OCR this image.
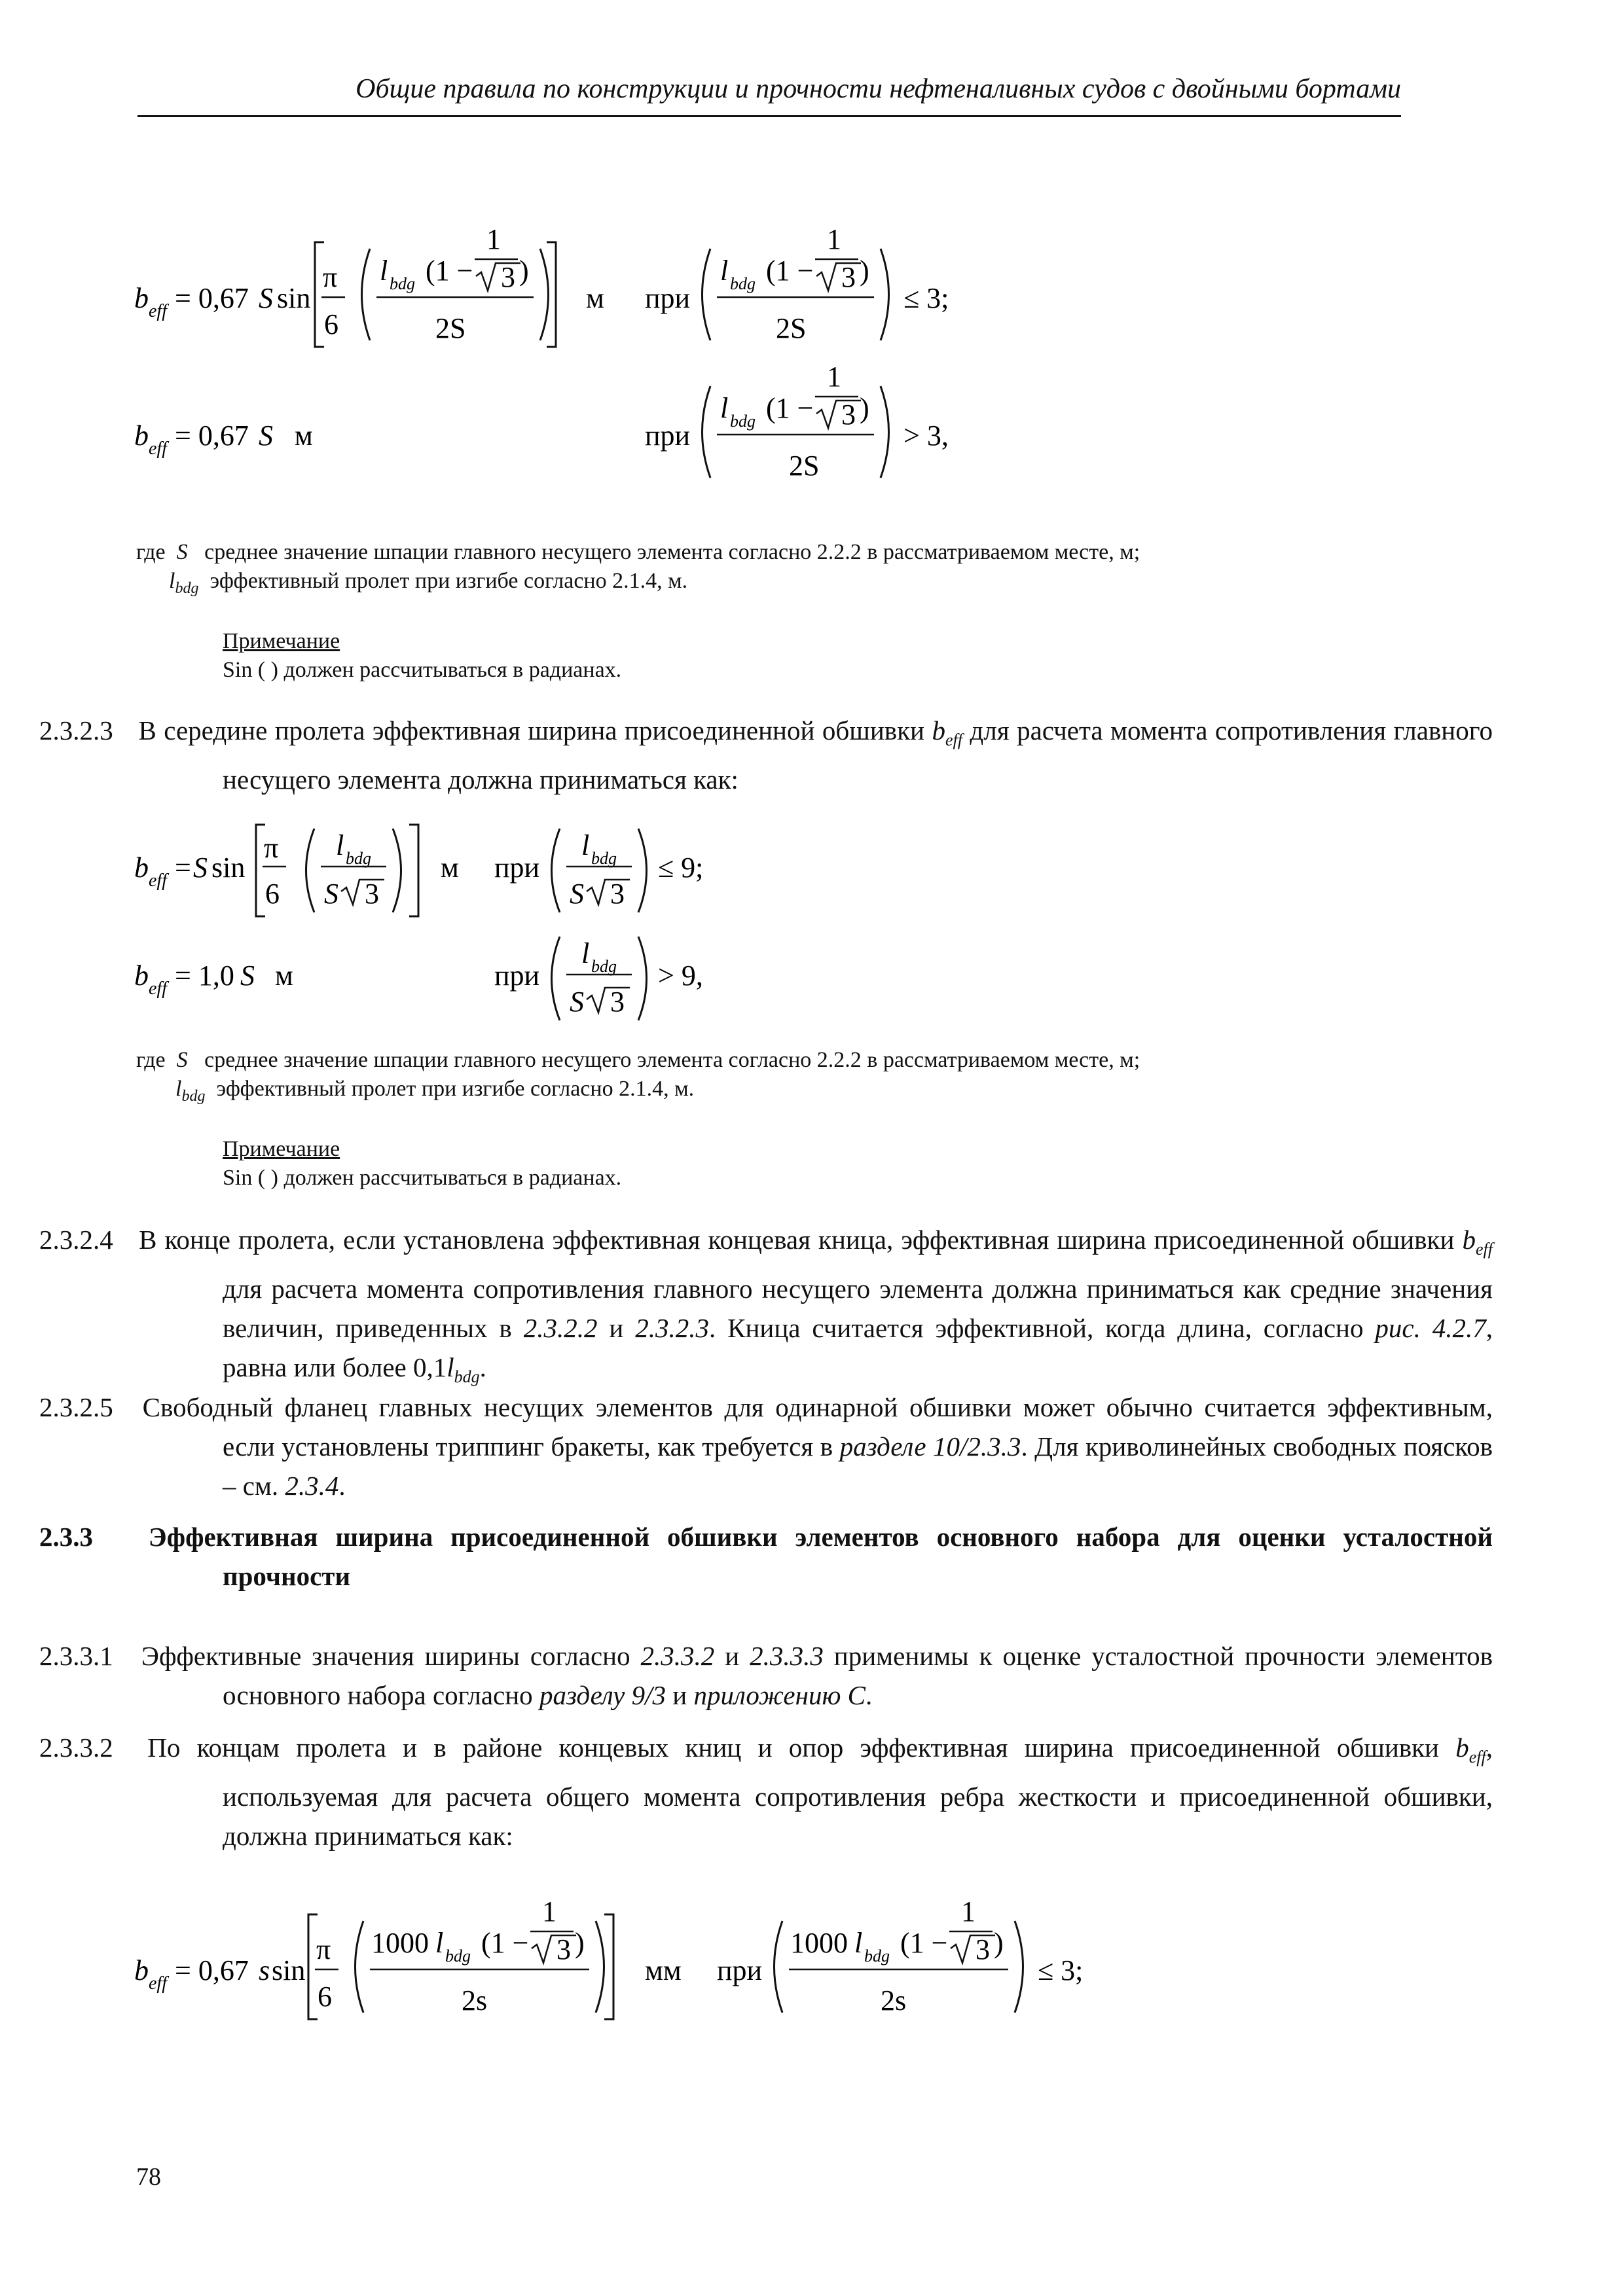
Общие правила по конструкции и прочности нефтеналивных судов с двойными бортами
b eff = 0,67 S sin
π
6
l bdg (1 −
1
3 )
2S
м при
l bdg (1 −
1
3 )
2S
≤ 3;
b eff = 0,67 S м	при
l bdg (1 −
1
3 )
2S
> 3,
где S среднее значение шпации главного несущего элемента согласно 2.2.2 в рассматриваемом месте, м;
$l_{bdg}$ эффективный пролет при изгибе согласно 2.1.4, м.
Примечание
Sin ( ) должен рассчитываться в радианах.
2.3.2.3 В середине пролета эффективная ширина присоединенной обшивки $b_{eff}$ для расчета момента сопротивления главного несущего элемента должна приниматься как:
b eff = S sin
π
6
l bdg
S 3
м при
l bdg
S 3
≤ 9;
b eff = 1,0 S м	при
l bdg
S 3
> 9,
где S среднее значение шпации главного несущего элемента согласно 2.2.2 в рассматриваемом месте, м;
$l_{bdg}$ эффективный пролет при изгибе согласно 2.1.4, м.
Примечание
Sin ( ) должен рассчитываться в радианах.
2.3.2.4 В конце пролета, если установлена эффективная концевая кница, эффективная ширина присоединенной обшивки $b_{eff}$ для расчета момента сопротивления главного несущего элемента должна приниматься как средние значения величин, приведенных в 2.3.2.2 и 2.3.2.3. Кница считается эффективной, когда длина, согласно рис. 4.2.7, равна или более $0,1l_{bdg}$.
2.3.2.5 Свободный фланец главных несущих элементов для одинарной обшивки может обычно считается эффективным, если установлены триппинг бракеты, как требуется в разделе 10/2.3.3. Для криволинейных свободных поясков – см. 2.3.4.
2.3.3 Эффективная ширина присоединенной обшивки элементов основного набора для оценки усталостной прочности
2.3.3.1 Эффективные значения ширины согласно 2.3.3.2 и 2.3.3.3 применимы к оценке усталостной прочности элементов основного набора согласно разделу 9/3 и приложению С.
2.3.3.2 По концам пролета и в районе концевых книц и опор эффективная ширина присоединенной обшивки $b_{eff}$, используемая для расчета общего момента сопротивления ребра жесткости и присоединенной обшивки, должна приниматься как:
b eff = 0,67 s sin
π
6
1000 l bdg (1 −
1
3 )
2s
мм при
1000 l bdg (1 −
1
3 )
2s
≤ 3;
78
